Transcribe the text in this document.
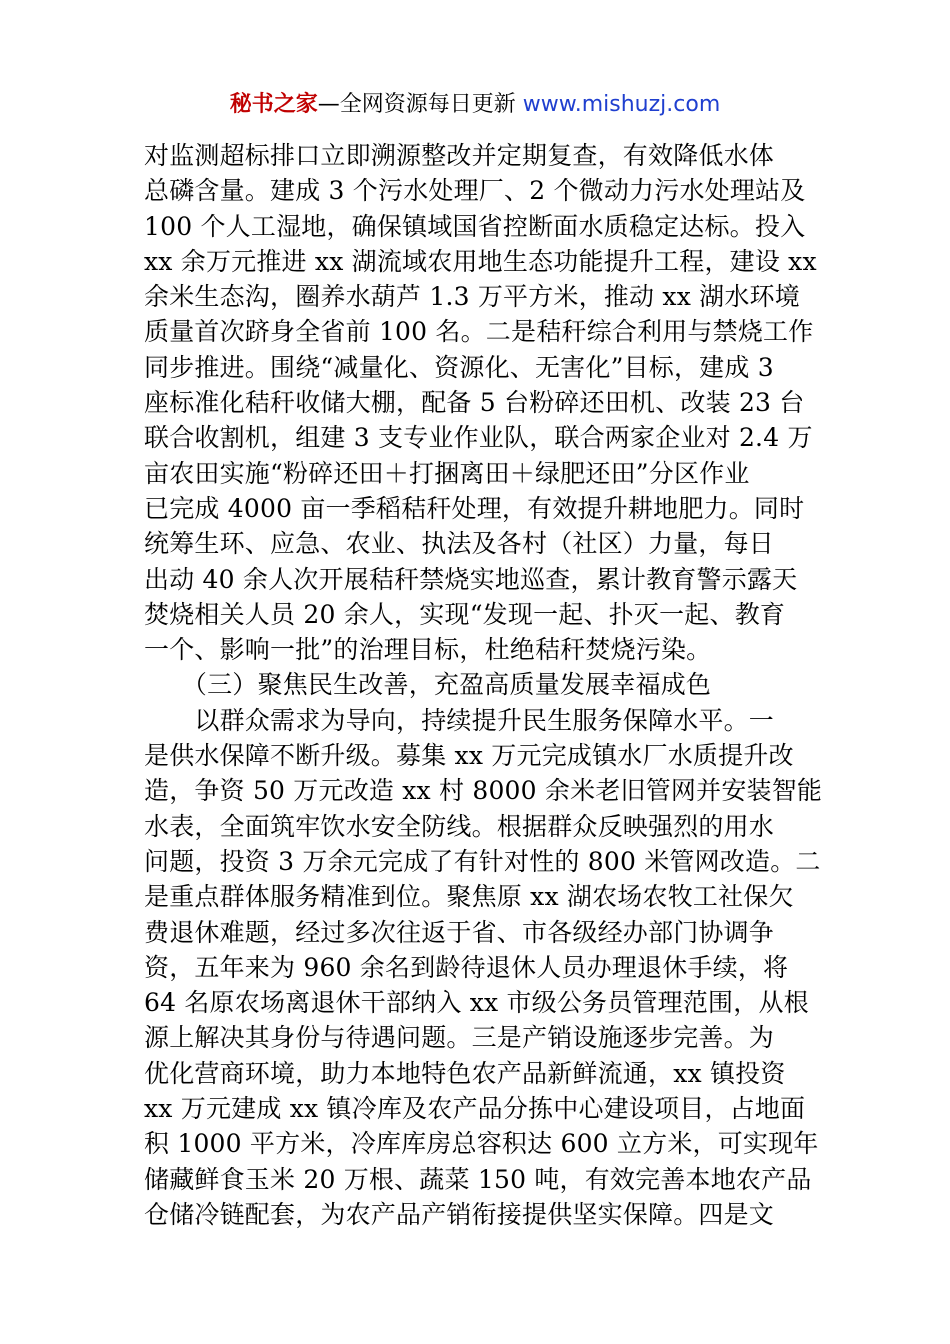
秘书之家—全网资源每日更新 www.mishuzj.com
对监测超标排口立即溯源整改并定期复查，有效降低水体
总磷含量。建成 3 个污水处理厂、2 个微动力污水处理站及
100 个人工湿地，确保镇域国省控断面水质稳定达标。投入
xx 余万元推进 xx 湖流域农用地生态功能提升工程，建设 xx
余米生态沟，圈养水葫芦 1.3 万平方米，推动 xx 湖水环境
质量首次跻身全省前 100 名。二是秸秆综合利用与禁烧工作
同步推进。围绕“减量化、资源化、无害化”目标，建成 3
座标准化秸秆收储大棚，配备 5 台粉碎还田机、改装 23 台
联合收割机，组建 3 支专业作业队，联合两家企业对 2.4 万
亩农田实施“粉碎还田＋打捆离田＋绿肥还田”分区作业
已完成 4000 亩一季稻秸秆处理，有效提升耕地肥力。同时
统筹生环、应急、农业、执法及各村（社区）力量，每日
出动 40 余人次开展秸秆禁烧实地巡查，累计教育警示露天
焚烧相关人员 20 余人，实现“发现一起、扑灭一起、教育
一个、影响一批”的治理目标，杜绝秸秆焚烧污染。
　　（三）聚焦民生改善，充盈高质量发展幸福成色
　　以群众需求为导向，持续提升民生服务保障水平。一
是供水保障不断升级。募集 xx 万元完成镇水厂水质提升改
造，争资 50 万元改造 xx 村 8000 余米老旧管网并安装智能
水表，全面筑牢饮水安全防线。根据群众反映强烈的用水
问题，投资 3 万余元完成了有针对性的 800 米管网改造。二
是重点群体服务精准到位。聚焦原 xx 湖农场农牧工社保欠
费退休难题，经过多次往返于省、市各级经办部门协调争
资，五年来为 960 余名到龄待退休人员办理退休手续，将
64 名原农场离退休干部纳入 xx 市级公务员管理范围，从根
源上解决其身份与待遇问题。三是产销设施逐步完善。为
优化营商环境，助力本地特色农产品新鲜流通，xx 镇投资
xx 万元建成 xx 镇冷库及农产品分拣中心建设项目，占地面
积 1000 平方米，冷库库房总容积达 600 立方米，可实现年
储藏鲜食玉米 20 万根、蔬菜 150 吨，有效完善本地农产品
仓储冷链配套，为农产品产销衔接提供坚实保障。四是文
